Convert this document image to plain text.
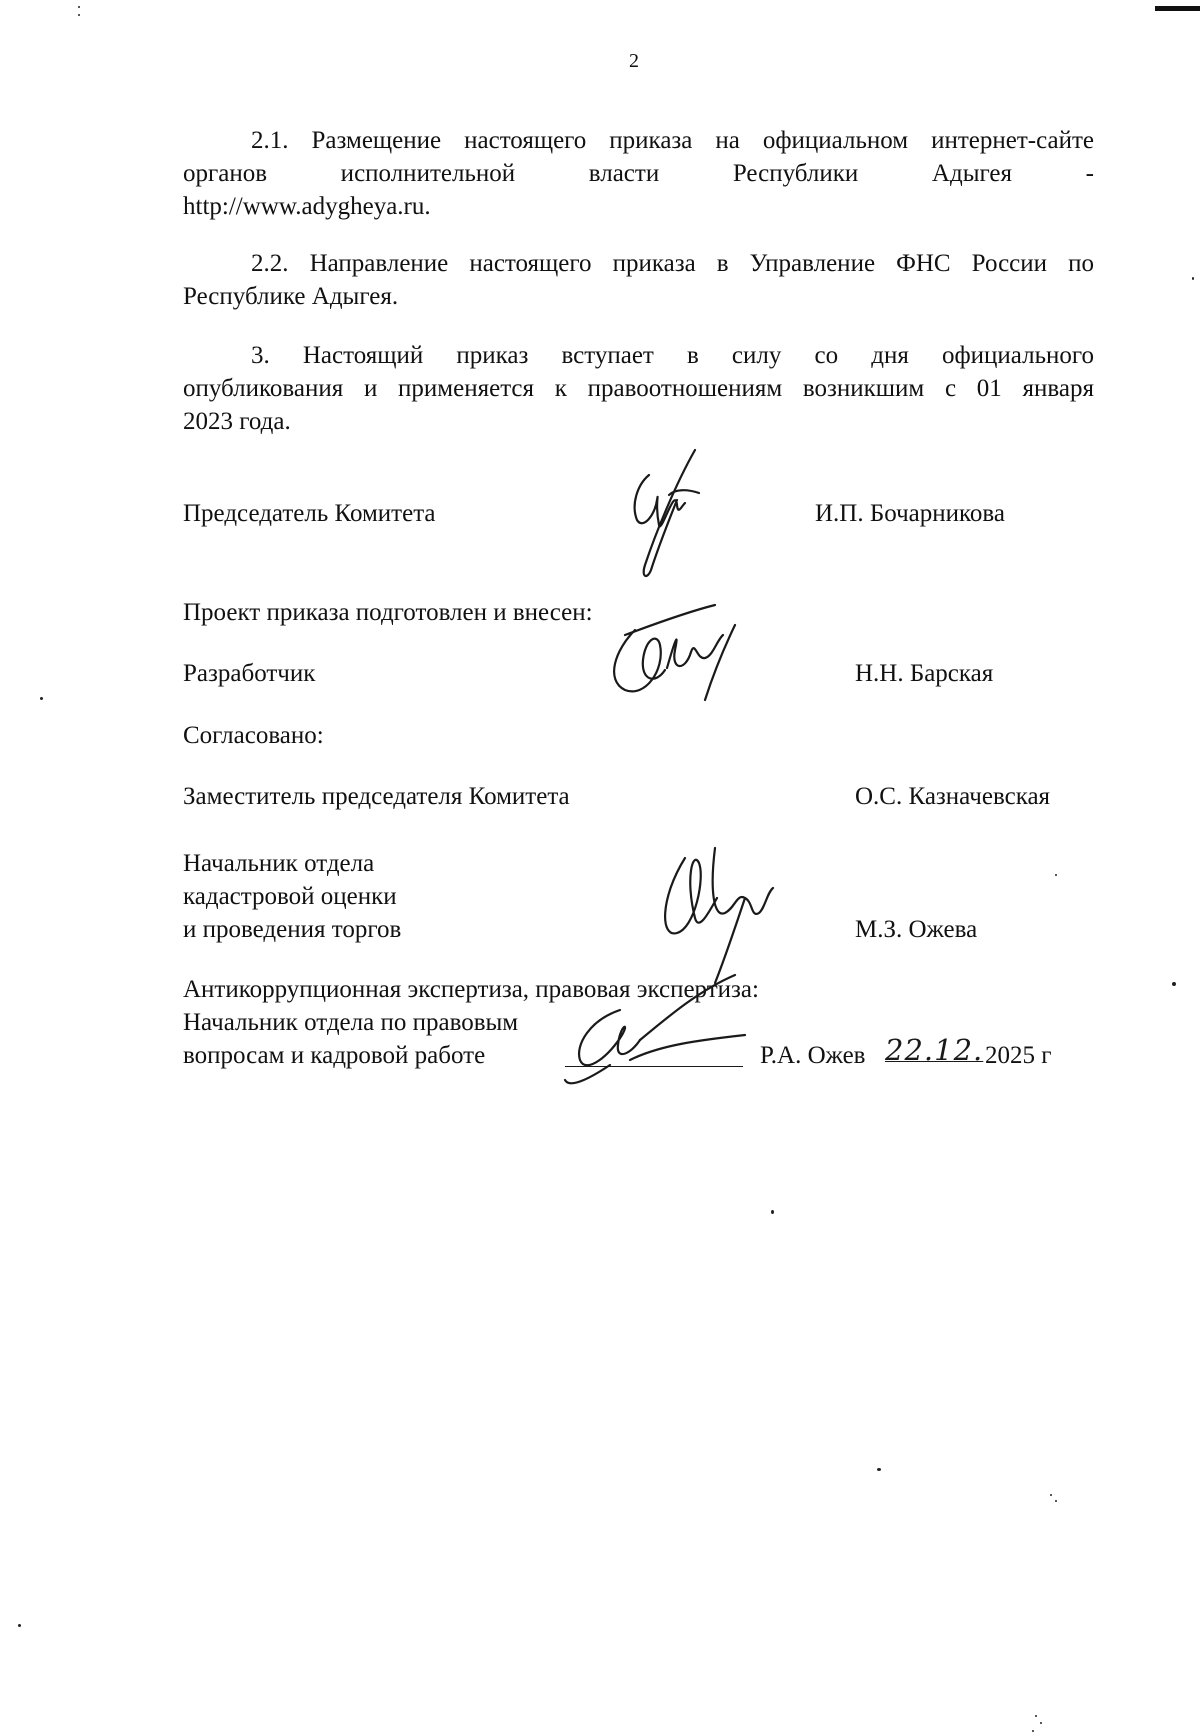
2
2.1. Размещение настоящего приказа на официальном интернет-сайте
органов исполнительной власти Республики Адыгея -
http://www.adygheya.ru.
2.2. Направление настоящего приказа в Управление ФНС России по
Республике Адыгея.
3. Настоящий приказ вступает в силу со дня официального
опубликования и применяется к правоотношениям возникшим с 01 января
2023 года.
Председатель Комитета	И.П. Бочарникова
Проект приказа подготовлен и внесен:
Разработчик	Н.Н. Барская
Согласовано:
Заместитель председателя Комитета	О.С. Казначевская
Начальник отдела
кадастровой оценки
и проведения торгов	М.З. Ожева
Антикоррупционная экспертиза, правовая экспертиза:
Начальник отдела по правовым
вопросам и кадровой работе	Р.А. Ожев 22.12. 2025 г
